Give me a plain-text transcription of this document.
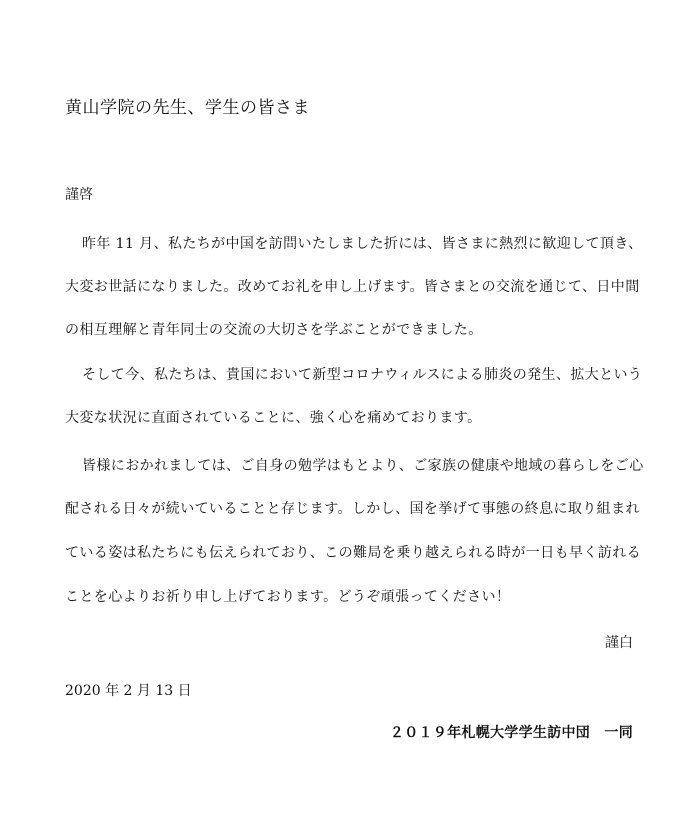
黄山学院の先生、学生の皆さま
謹啓
昨年 11 月、私たちが中国を訪問いたしました折には、皆さまに熱烈に歓迎して頂き、
大変お世話になりました。改めてお礼を申し上げます。皆さまとの交流を通じて、日中間
の相互理解と青年同士の交流の大切さを学ぶことができました。
そして今、私たちは、貴国において新型コロナウィルスによる肺炎の発生、拡大という
大変な状況に直面されていることに、強く心を痛めております。
皆様におかれましては、ご自身の勉学はもとより、ご家族の健康や地域の暮らしをご心
配される日々が続いていることと存じます。しかし、国を挙げて事態の終息に取り組まれ
ている姿は私たちにも伝えられており、この難局を乗り越えられる時が一日も早く訪れる
ことを心よりお祈り申し上げております。どうぞ頑張ってください！
謹白
2020 年 2 月 13 日
２０１９年札幌大学学生訪中団　一同
